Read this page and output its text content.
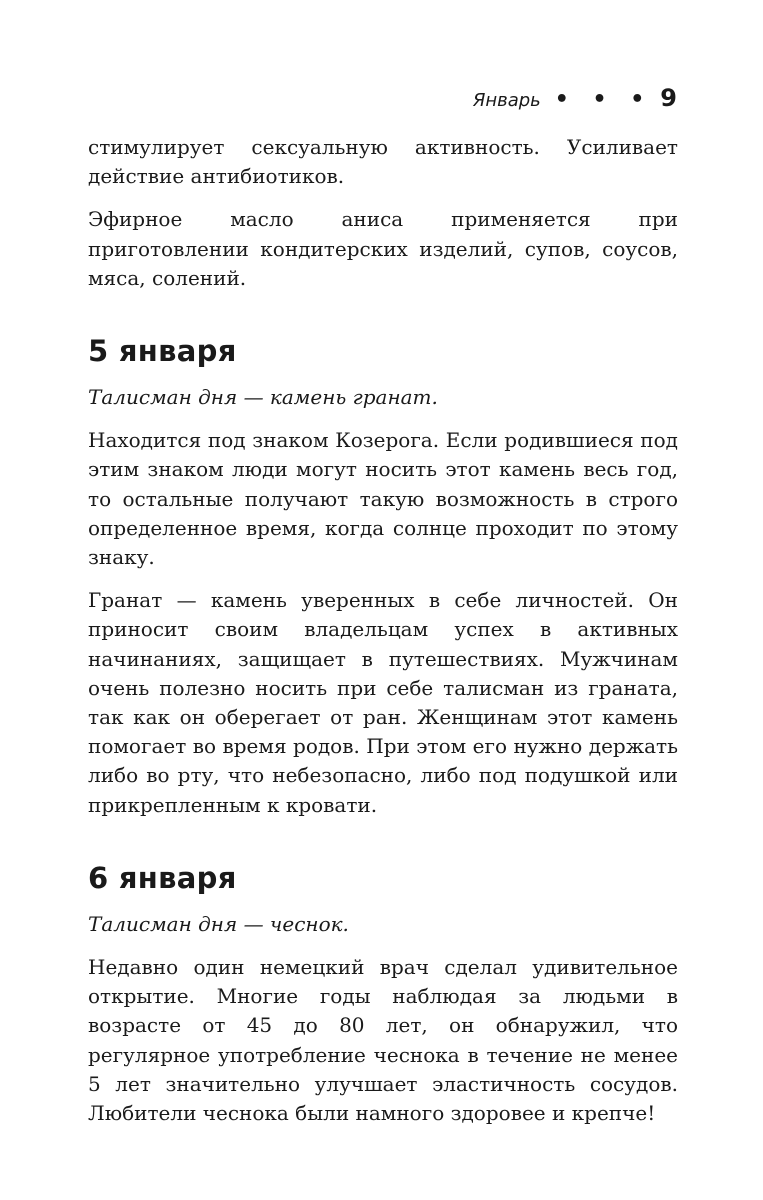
Январь • • • 9

стимулирует сексуальную активность. Усиливает действие антибиотиков.

Эфирное масло аниса применяется при приготовлении кондитерских изделий, супов, соусов, мяса, солений.

5 января

Талисман дня — камень гранат.

Находится под знаком Козерога. Если родившиеся под этим знаком люди могут носить этот камень весь год, то остальные получают такую возможность в строго определенное время, когда солнце проходит по этому знаку.

Гранат — камень уверенных в себе личностей. Он приносит своим владельцам успех в активных начинаниях, защищает в путешествиях. Мужчинам очень полезно носить при себе талисман из граната, так как он оберегает от ран. Женщинам этот камень помогает во время родов. При этом его нужно держать либо во рту, что небезопасно, либо под подушкой или прикрепленным к кровати.

6 января

Талисман дня — чеснок.

Недавно один немецкий врач сделал удивительное открытие. Многие годы наблюдая за людьми в возрасте от 45 до 80 лет, он обнаружил, что регулярное употребление чеснока в течение не менее 5 лет значительно улучшает эластичность сосудов. Любители чеснока были намного здоровее и крепче!
